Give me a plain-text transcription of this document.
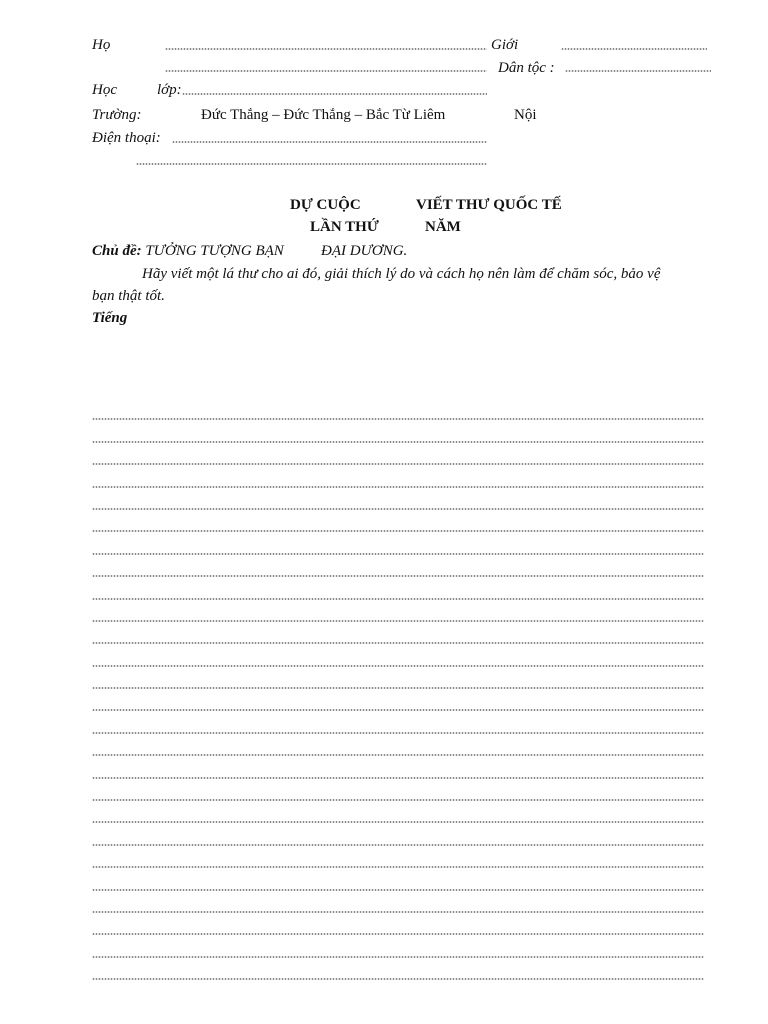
Họ	Giới
Dân tộc :
Học	lớp:
Trường:	Đức Thắng – Đức Thắng – Bắc Từ Liêm	Nội
Điện thoại:
DỰ CUỘC	VIẾT THƯ QUỐC TẾ
LẦN THỨ	NĂM
Chủ đề: TƯỞNG TƯỢNG BẠN ĐẠI DƯƠNG.
Hãy viết một lá thư cho ai đó, giải thích lý do và cách họ nên làm để chăm sóc, bảo vệ
bạn thật tốt.
Tiếng
